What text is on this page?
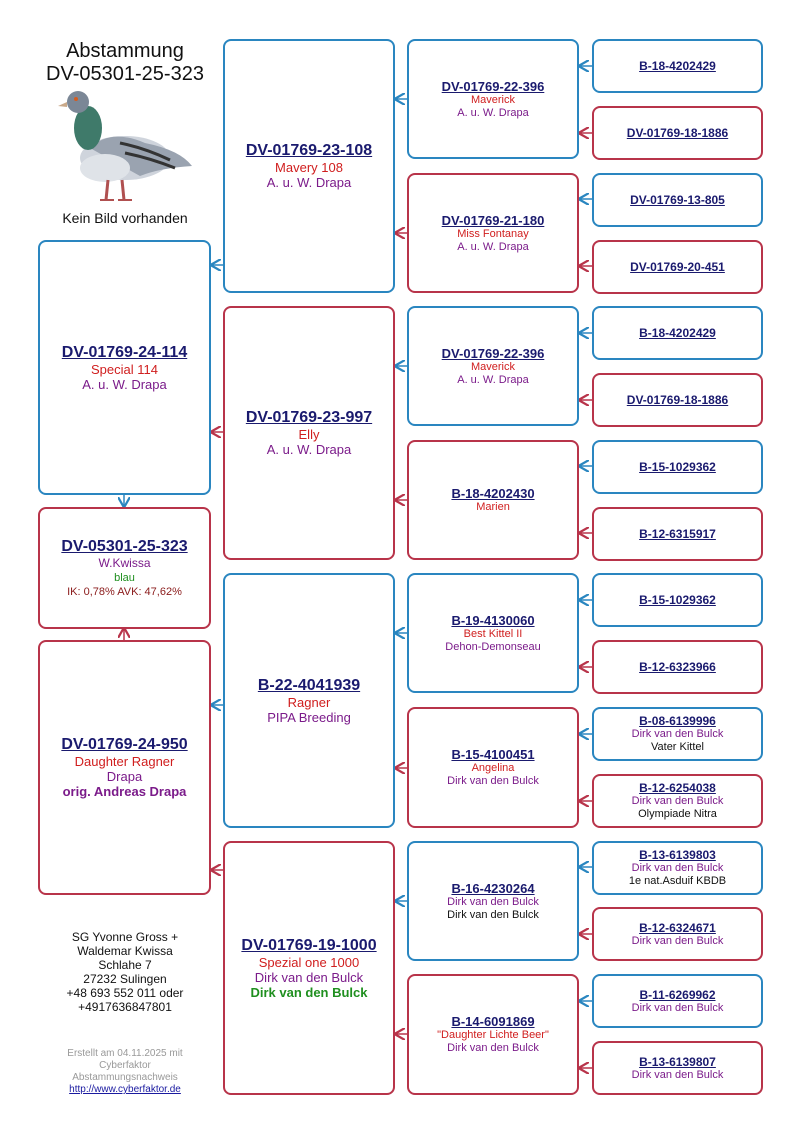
Abstammung
DV-05301-25-323
Kein Bild vorhanden
DV-01769-24-114
Special 114
A. u. W. Drapa
DV-05301-25-323
W.Kwissa
blau
IK: 0,78% AVK: 47,62%
DV-01769-24-950
Daughter Ragner
Drapa
orig. Andreas Drapa
DV-01769-23-108
Mavery 108
A. u. W. Drapa
DV-01769-23-997
Elly
A. u. W. Drapa
B-22-4041939
Ragner
PIPA Breeding
DV-01769-19-1000
Spezial one 1000
Dirk van den Bulck
Dirk van den Bulck
DV-01769-22-396
Maverick
A. u. W. Drapa
DV-01769-21-180
Miss Fontanay
A. u. W. Drapa
DV-01769-22-396
Maverick
A. u. W. Drapa
B-18-4202430
Marien
B-19-4130060
Best Kittel II
Dehon-Demonseau
B-15-4100451
Angelina
Dirk van den Bulck
B-16-4230264
Dirk van den Bulck
Dirk van den Bulck
B-14-6091869
"Daughter Lichte Beer"
Dirk van den Bulck
B-18-4202429
DV-01769-18-1886
DV-01769-13-805
DV-01769-20-451
B-18-4202429
DV-01769-18-1886
B-15-1029362
B-12-6315917
B-15-1029362
B-12-6323966
B-08-6139996
Dirk van den Bulck
Vater Kittel
B-12-6254038
Dirk van den Bulck
Olympiade Nitra
B-13-6139803
Dirk van den Bulck
1e nat.Asduif KBDB
B-12-6324671
Dirk van den Bulck
B-11-6269962
Dirk van den Bulck
B-13-6139807
Dirk van den Bulck
SG Yvonne Gross +
Waldemar Kwissa
Schlahe 7
27232 Sulingen
+48 693 552 011 oder
+4917636847801
Erstellt am 04.11.2025 mit
Cyberfaktor
Abstammungsnachweis
http://www.cyberfaktor.de
